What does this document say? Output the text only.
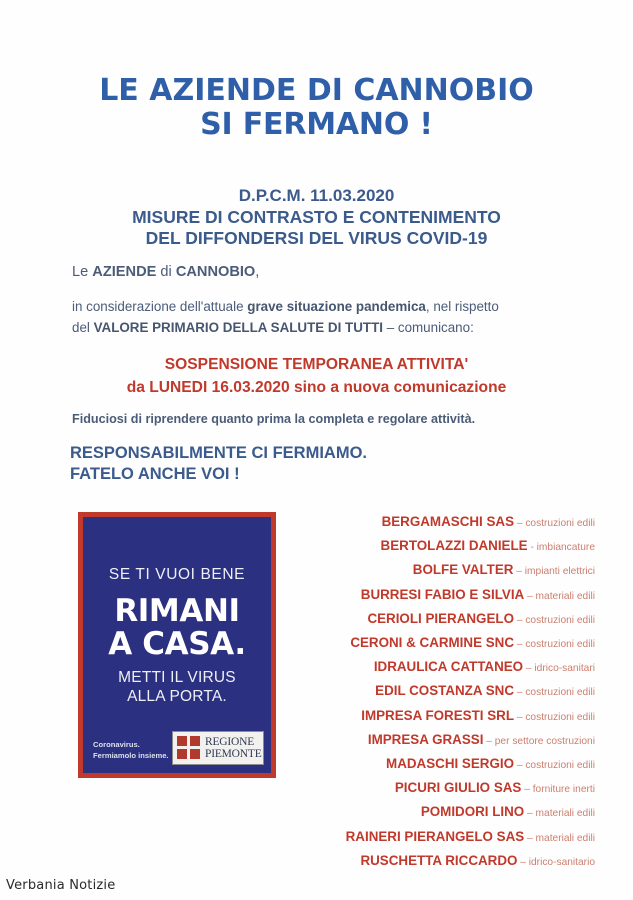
LE AZIENDE DI CANNOBIO
SI FERMANO !
D.P.C.M. 11.03.2020
MISURE DI CONTRASTO E CONTENIMENTO
DEL DIFFONDERSI DEL VIRUS COVID-19
Le AZIENDE di CANNOBIO,
in considerazione dell'attuale grave situazione pandemica, nel rispetto
del VALORE PRIMARIO DELLA SALUTE DI TUTTI – comunicano:
SOSPENSIONE TEMPORANEA ATTIVITA'
da LUNEDI 16.03.2020 sino a nuova comunicazione
Fiduciosi di riprendere quanto prima la completa e regolare attività.
RESPONSABILMENTE CI FERMIAMO.
FATELO ANCHE VOI !
SE TI VUOI BENE
RIMANI
A CASA.
METTI IL VIRUS
ALLA PORTA.
Coronavirus.
Fermiamolo insieme.
REGIONE
PIEMONTE
BERGAMASCHI SAS – costruzioni edili
BERTOLAZZI DANIELE - imbiancature
BOLFE VALTER – impianti elettrici
BURRESI FABIO E SILVIA – materiali edili
CERIOLI PIERANGELO – costruzioni edili
CERONI & CARMINE SNC – costruzioni edili
IDRAULICA CATTANEO – idrico-sanitari
EDIL COSTANZA SNC – costruzioni edili
IMPRESA FORESTI SRL – costruzioni edili
IMPRESA GRASSI – per settore costruzioni
MADASCHI SERGIO – costruzioni edili
PICURI GIULIO SAS – forniture inerti
POMIDORI LINO – materiali edili
RAINERI PIERANGELO SAS – materiali edili
RUSCHETTA RICCARDO – idrico-sanitario
Verbania Notizie
